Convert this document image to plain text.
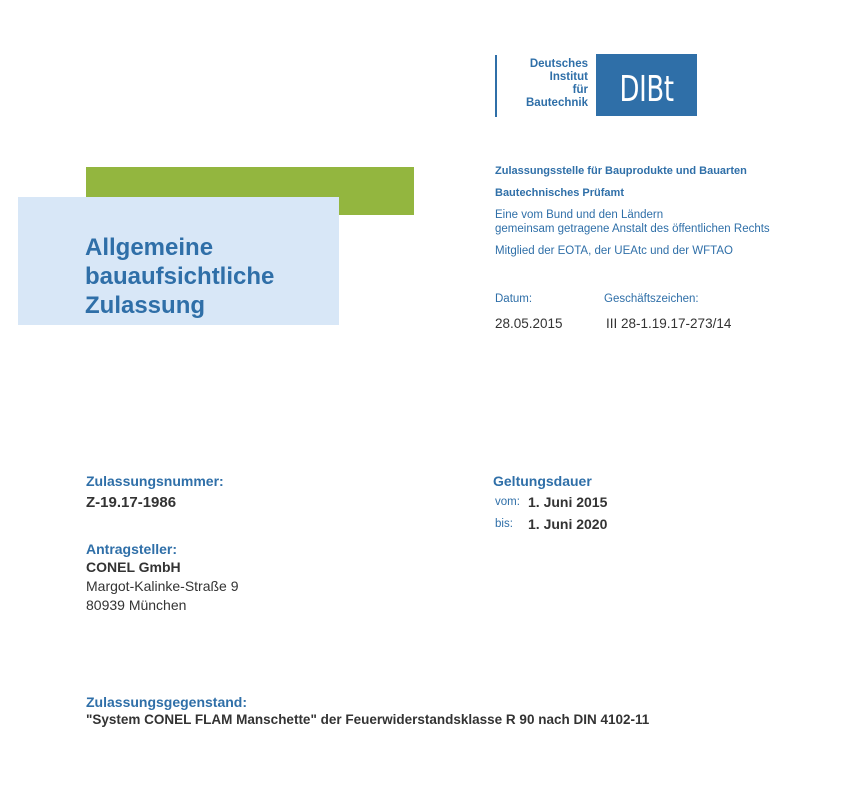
Deutsches
Institut
für
Bautechnik DIBt
Allgemeine
bauaufsichtliche
Zulassung
Zulassungsstelle für Bauprodukte und Bauarten
Bautechnisches Prüfamt
Eine vom Bund und den Ländern
gemeinsam getragene Anstalt des öffentlichen Rechts
Mitglied der EOTA, der UEAtc und der WFTAO
Datum:
28.05.2015
Geschäftszeichen:
III 28-1.19.17-273/14
Zulassungsnummer:
Z-19.17-1986
Geltungsdauer
vom: 1. Juni 2015
bis: 1. Juni 2020
Antragsteller:
CONEL GmbH
Margot-Kalinke-Straße 9
80939 München
Zulassungsgegenstand:
"System CONEL FLAM Manschette" der Feuerwiderstandsklasse R 90 nach DIN 4102-11
